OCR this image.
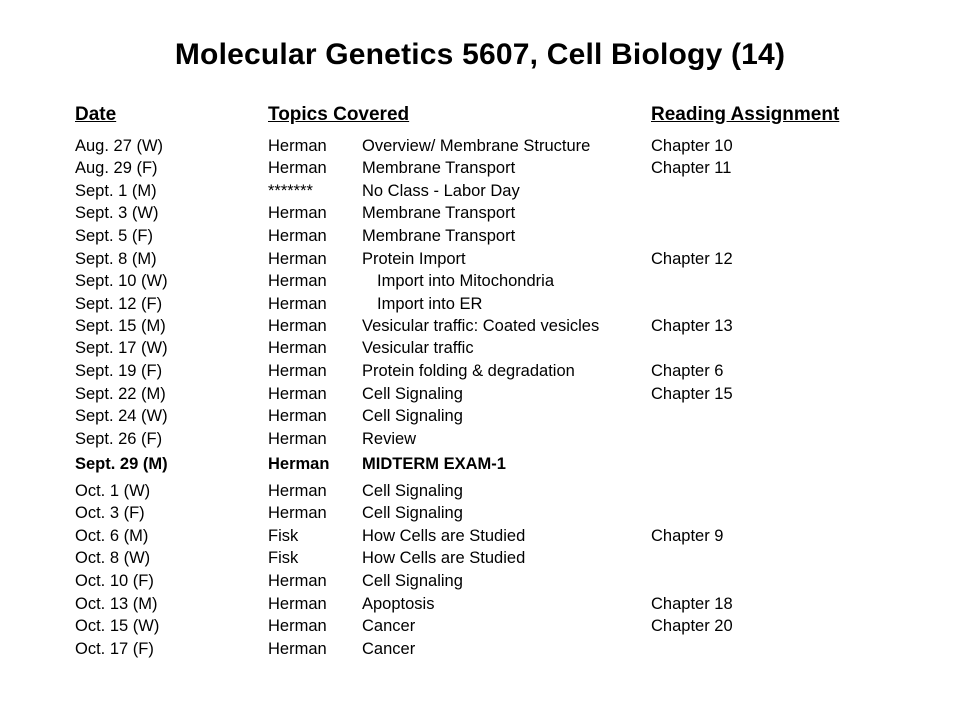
Molecular Genetics 5607, Cell Biology (14)
Date	Topics Covered	Reading Assignment
Aug. 27 (W)	Herman Overview/ Membrane Structure	Chapter 10
Aug. 29 (F)	Herman Membrane Transport	Chapter 11
Sept. 1 (M)	*******	No Class - Labor Day
Sept. 3 (W)	Herman Membrane Transport
Sept. 5 (F)	Herman Membrane Transport
Sept. 8 (M)	Herman Protein Import	Chapter 12
Sept. 10 (W)	Herman	Import into Mitochondria
Sept. 12 (F)	Herman	Import into ER
Sept. 15 (M)	Herman Vesicular traffic: Coated vesicles	Chapter 13
Sept. 17 (W)	Herman Vesicular traffic
Sept. 19 (F)	Herman Protein folding & degradation	Chapter 6
Sept. 22 (M)	Herman Cell Signaling	Chapter 15
Sept. 24 (W)	Herman Cell Signaling
Sept. 26 (F)	Herman Review
Sept. 29 (M)	Herman MIDTERM EXAM-1
Oct. 1 (W)	Herman Cell Signaling
Oct. 3 (F)	Herman Cell Signaling
Oct. 6 (M)	Fisk	How Cells are Studied	Chapter 9
Oct. 8 (W)	Fisk	How Cells are Studied
Oct. 10 (F)	Herman Cell Signaling
Oct. 13 (M)	Herman Apoptosis	Chapter 18
Oct. 15 (W)	Herman Cancer	Chapter 20
Oct. 17 (F)	Herman Cancer
